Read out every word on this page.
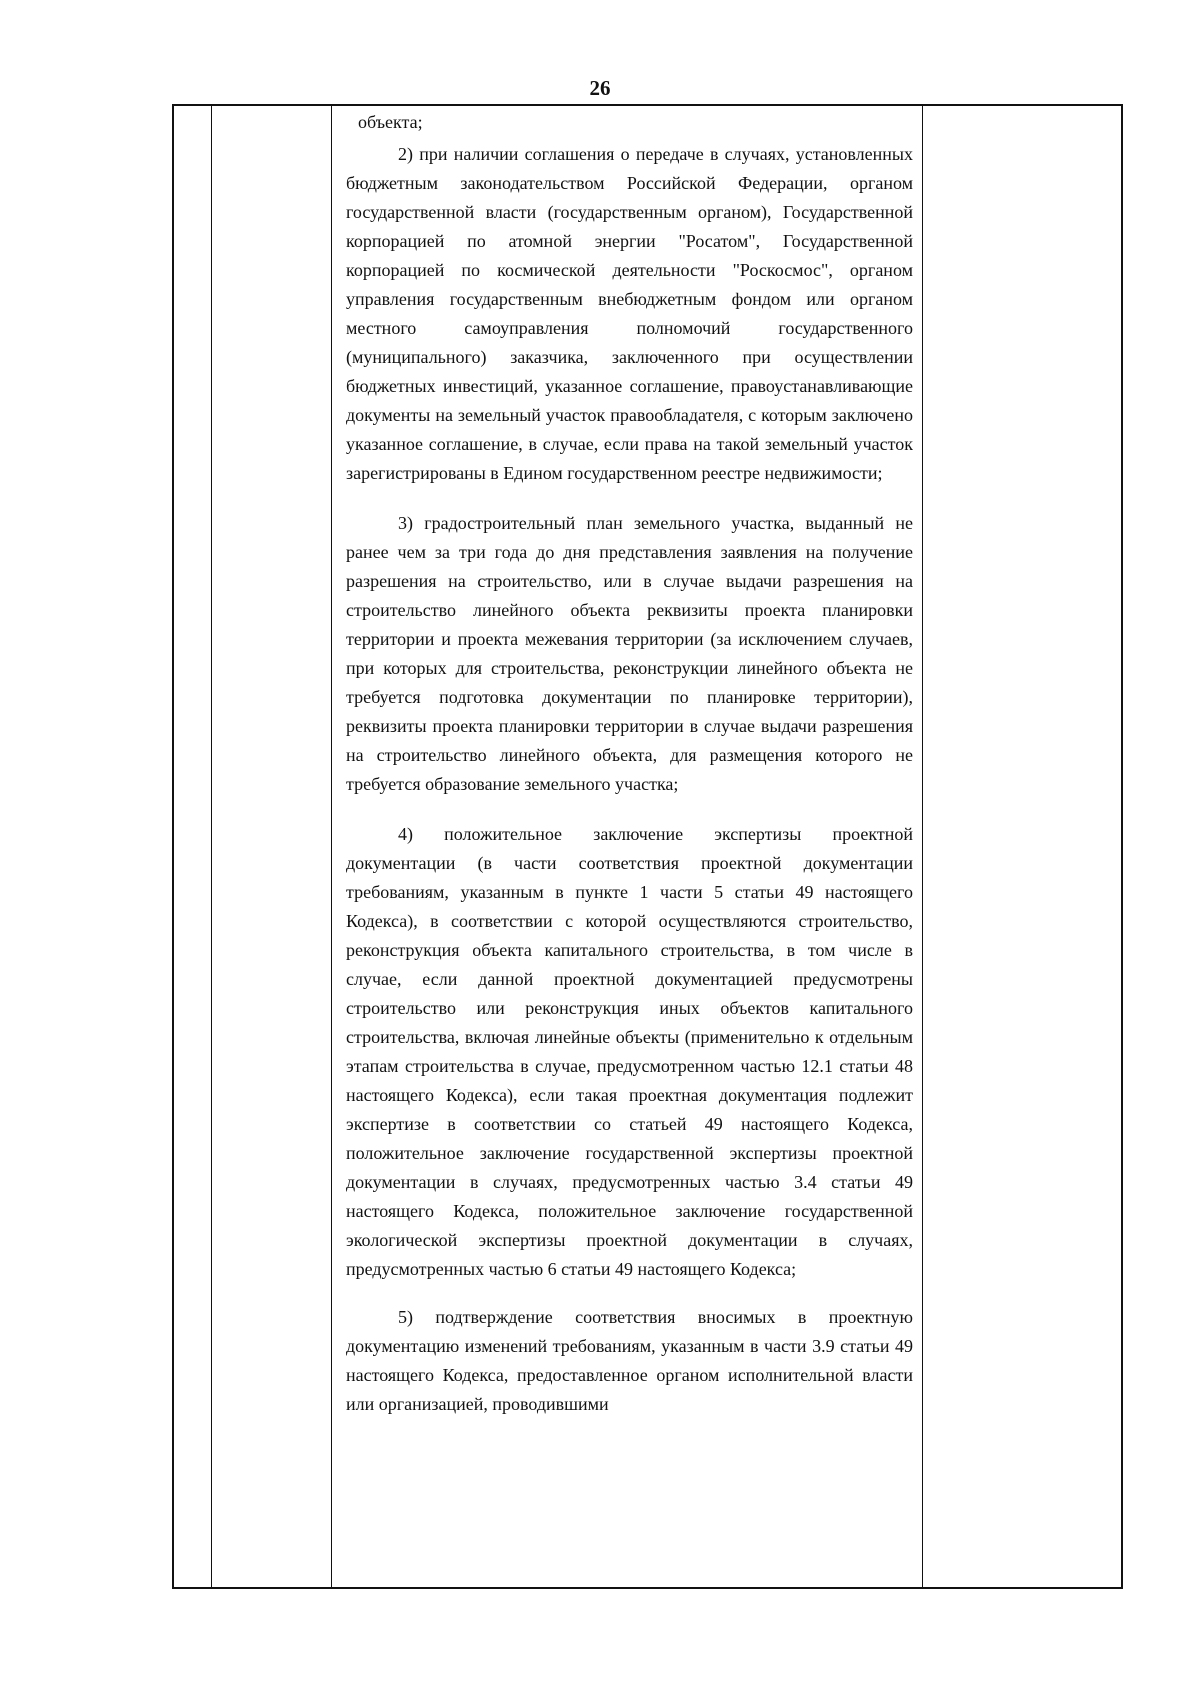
26
объекта;

2) при наличии соглашения о передаче в случаях, установленных бюджетным законодательством Российской Федерации, органом государственной власти (государственным органом), Государственной корпорацией по атомной энергии "Росатом", Государственной корпорацией по космической деятельности "Роскосмос", органом управления государственным внебюджетным фондом или органом местного самоуправления полномочий государственного (муниципального) заказчика, заключенного при осуществлении бюджетных инвестиций, указанное соглашение, правоустанавливающие документы на земельный участок правообладателя, с которым заключено указанное соглашение, в случае, если права на такой земельный участок зарегистрированы в Едином государственном реестре недвижимости;

3) градостроительный план земельного участка, выданный не ранее чем за три года до дня представления заявления на получение разрешения на строительство, или в случае выдачи разрешения на строительство линейного объекта реквизиты проекта планировки территории и проекта межевания территории (за исключением случаев, при которых для строительства, реконструкции линейного объекта не требуется подготовка документации по планировке территории), реквизиты проекта планировки территории в случае выдачи разрешения на строительство линейного объекта, для размещения которого не требуется образование земельного участка;

4) положительное заключение экспертизы проектной документации (в части соответствия проектной документации требованиям, указанным в пункте 1 части 5 статьи 49 настоящего Кодекса), в соответствии с которой осуществляются строительство, реконструкция объекта капитального строительства, в том числе в случае, если данной проектной документацией предусмотрены строительство или реконструкция иных объектов капитального строительства, включая линейные объекты (применительно к отдельным этапам строительства в случае, предусмотренном частью 12.1 статьи 48 настоящего Кодекса), если такая проектная документация подлежит экспертизе в соответствии со статьей 49 настоящего Кодекса, положительное заключение государственной экспертизы проектной документации в случаях, предусмотренных частью 3.4 статьи 49 настоящего Кодекса, положительное заключение государственной экологической экспертизы проектной документации в случаях, предусмотренных частью 6 статьи 49 настоящего Кодекса;

5) подтверждение соответствия вносимых в проектную документацию изменений требованиям, указанным в части 3.9 статьи 49 настоящего Кодекса, предоставленное органом исполнительной власти или организацией, проводившими
